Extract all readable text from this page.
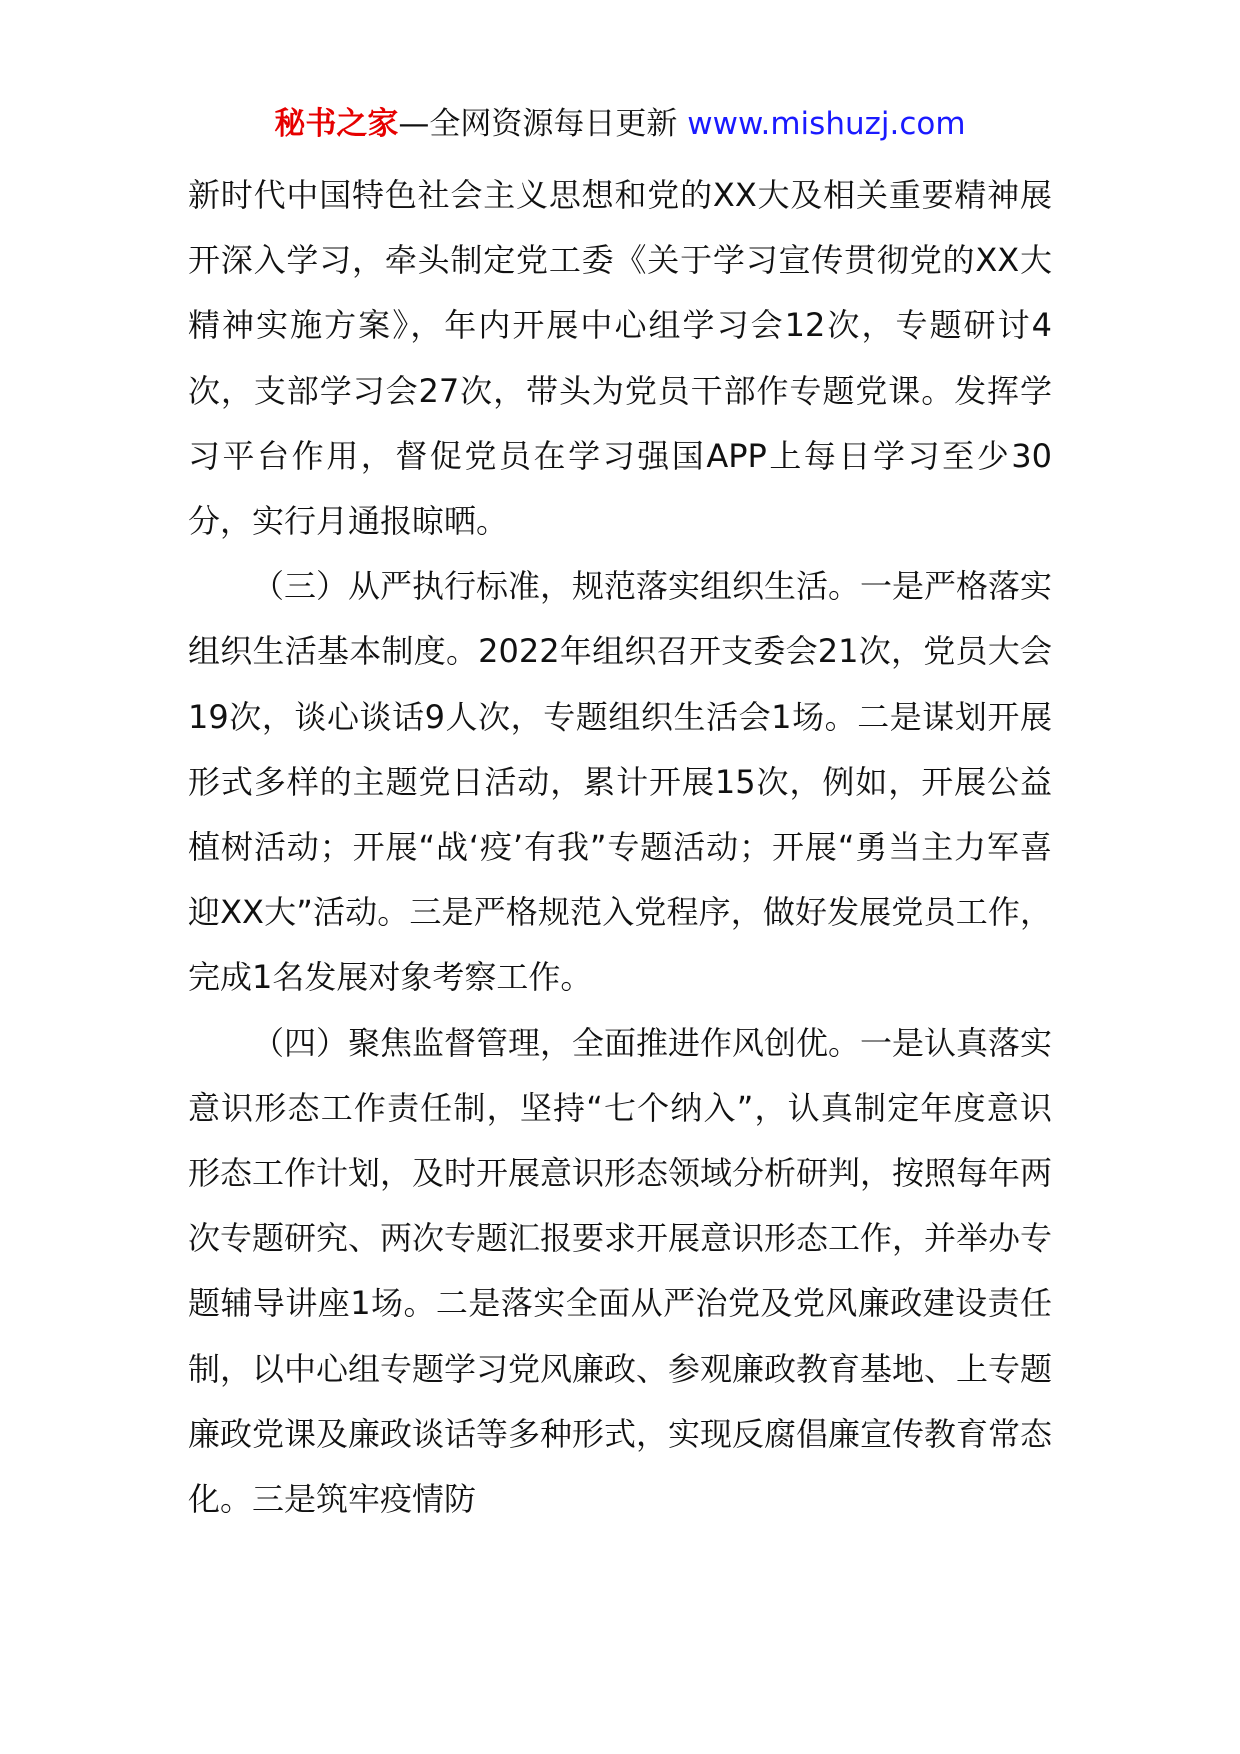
秘书之家—全网资源每日更新 www.mishuzj.com

新时代中国特色社会主义思想和党的XX大及相关重要精神展开深入学习，牵头制定党工委《关于学习宣传贯彻党的XX大精神实施方案》，年内开展中心组学习会12次，专题研讨4次，支部学习会27次，带头为党员干部作专题党课。发挥学习平台作用，督促党员在学习强国APP上每日学习至少30分，实行月通报晾晒。

（三）从严执行标准，规范落实组织生活。一是严格落实组织生活基本制度。2022年组织召开支委会21次，党员大会19次，谈心谈话9人次，专题组织生活会1场。二是谋划开展形式多样的主题党日活动，累计开展15次，例如，开展公益植树活动；开展“战‘疫’有我”专题活动；开展“勇当主力军喜迎XX大”活动。三是严格规范入党程序，做好发展党员工作，完成1名发展对象考察工作。

（四）聚焦监督管理，全面推进作风创优。一是认真落实意识形态工作责任制，坚持“七个纳入”，认真制定年度意识形态工作计划，及时开展意识形态领域分析研判，按照每年两次专题研究、两次专题汇报要求开展意识形态工作，并举办专题辅导讲座1场。二是落实全面从严治党及党风廉政建设责任制，以中心组专题学习党风廉政、参观廉政教育基地、上专题廉政党课及廉政谈话等多种形式，实现反腐倡廉宣传教育常态化。三是筑牢疫情防
